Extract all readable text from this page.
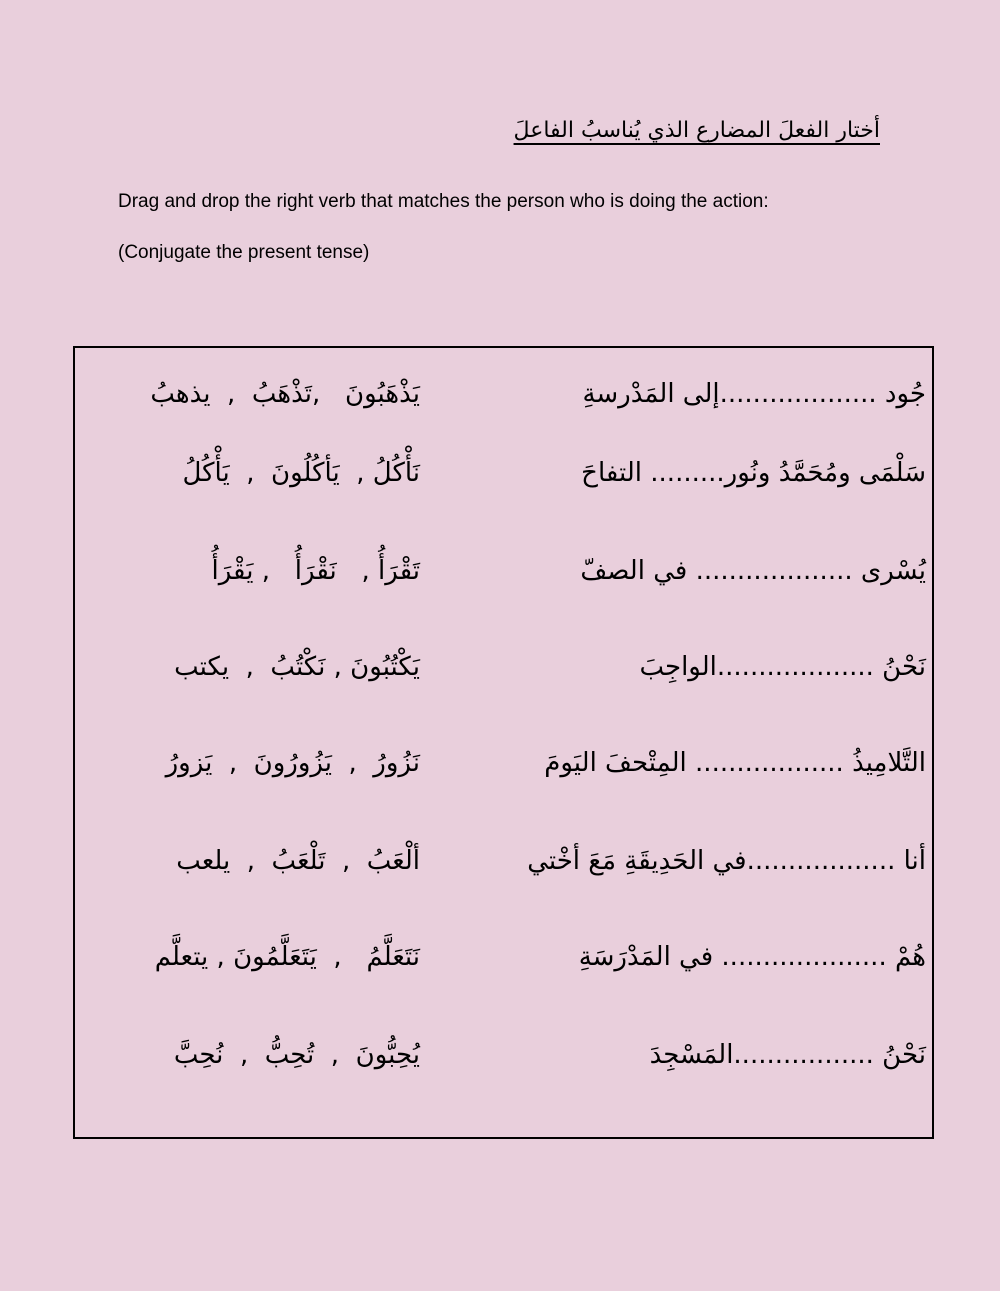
أختار الفعلَ المضارع الذي يُناسبُ الفاعلَ
Drag and drop the right verb that matches the person who is doing the action:
(Conjugate the present tense)
جُود ...................إلى المَدْرسةِ
يَذْهَبُونَ   ,تَذْهَبُ  ,  يذهبُ
سَلْمَى ومُحَمَّدُ ونُور......... التفاحَ
نَأْكُلُ ,  يَأكُلُونَ  ,  يَأْكُلُ
يُسْرى ................... في الصفّ
تَقْرَأُ ,   نَقْرَأُ   , يَقْرَأُ
نَحْنُ ...................الواجِبَ
يَكْتُبُونَ , نَكْتُبُ  ,  يكتب
التَّلامِيذُ .................. المِتْحفَ اليَومَ
نَزُورُ  ,  يَزُورُونَ  ,  يَزورُ
أنا ..................في الحَدِيقَةِ مَعَ أخْتي
ألْعَبُ  ,  تَلْعَبُ  ,  يلعب
هُمْ .................... في المَدْرَسَةِ
نَتَعَلَّمُ   ,  يَتَعَلَّمُونَ , يتعلَّم
نَحْنُ .................المَسْجِدَ
يُحِبُّونَ  ,  تُحِبُّ  ,  نُحِبَّ
